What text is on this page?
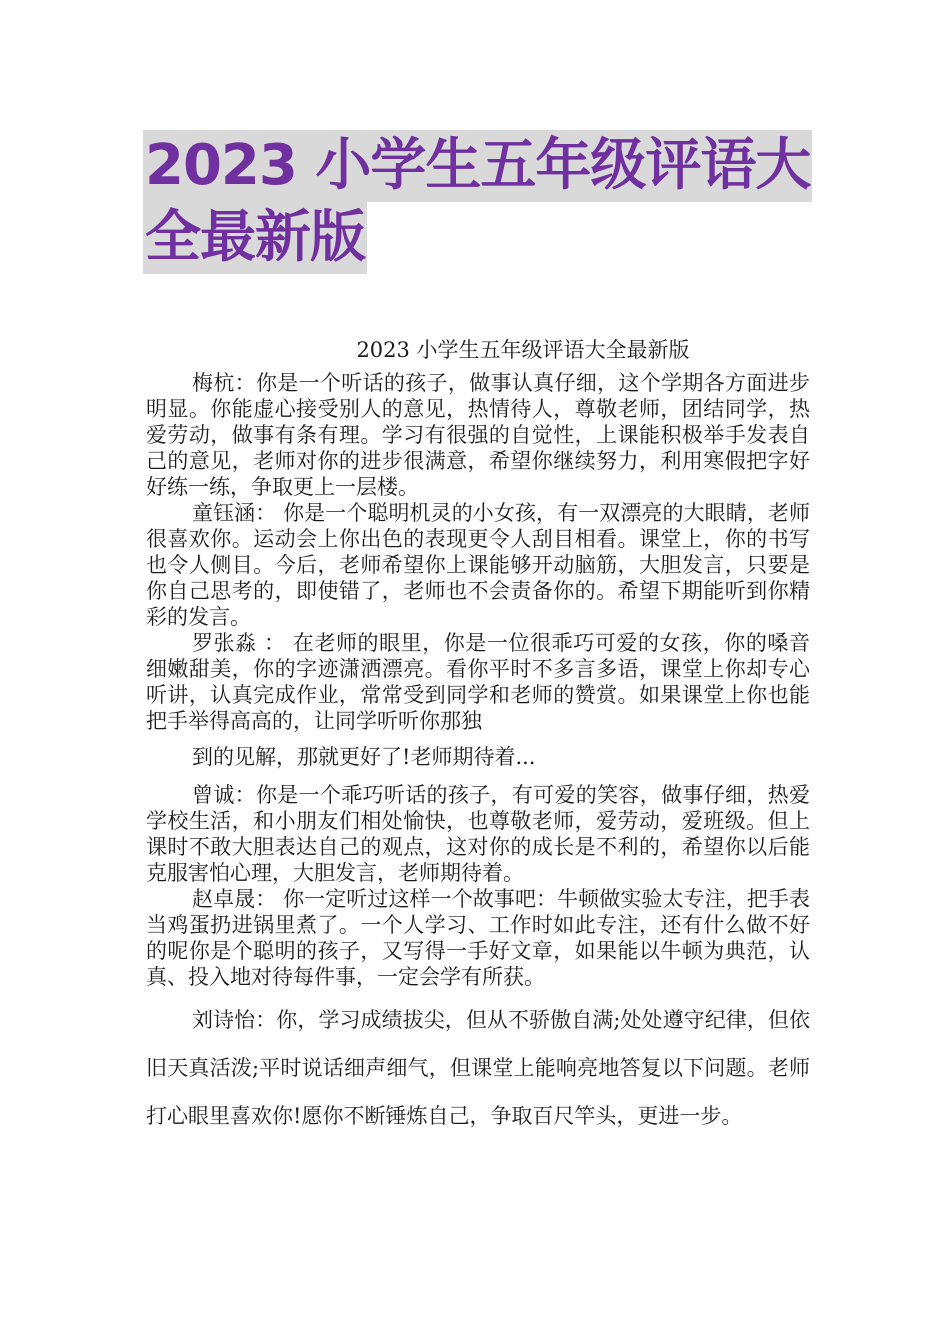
2023 小学生五年级评语大
全最新版
2023 小学生五年级评语大全最新版

梅杭：你是一个听话的孩子，做事认真仔细，这个学期各方面进步明显。你能虚心接受别人的意见，热情待人，尊敬老师，团结同学，热爱劳动，做事有条有理。学习有很强的自觉性，上课能积极举手发表自己的意见，老师对你的进步很满意，希望你继续努力，利用寒假把字好好练一练，争取更上一层楼。

童钰涵： 你是一个聪明机灵的小女孩，有一双漂亮的大眼睛，老师很喜欢你。运动会上你出色的表现更令人刮目相看。课堂上，你的书写也令人侧目。今后，老师希望你上课能够开动脑筋，大胆发言，只要是你自己思考的，即使错了，老师也不会责备你的。希望下期能听到你精彩的发言。

罗张淼 ： 在老师的眼里，你是一位很乖巧可爱的女孩，你的嗓音细嫩甜美，你的字迹潇洒漂亮。看你平时不多言多语，课堂上你却专心听讲，认真完成作业，常常受到同学和老师的赞赏。如果课堂上你也能把手举得高高的，让同学听听你那独
到的见解，那就更好了!老师期待着...

曾诚：你是一个乖巧听话的孩子，有可爱的笑容，做事仔细，热爱学校生活，和小朋友们相处愉快，也尊敬老师，爱劳动，爱班级。但上课时不敢大胆表达自己的观点，这对你的成长是不利的，希望你以后能克服害怕心理，大胆发言，老师期待着。

赵卓晟： 你一定听过这样一个故事吧：牛顿做实验太专注，把手表当鸡蛋扔进锅里煮了。一个人学习、工作时如此专注，还有什么做不好的呢你是个聪明的孩子，又写得一手好文章，如果能以牛顿为典范，认真、投入地对待每件事，一定会学有所获。

刘诗怡：你，学习成绩拔尖，但从不骄傲自满;处处遵守纪律，但依旧天真活泼;平时说话细声细气，但课堂上能响亮地答复以下问题。老师打心眼里喜欢你!愿你不断锤炼自己，争取百尺竿头，更进一步。
